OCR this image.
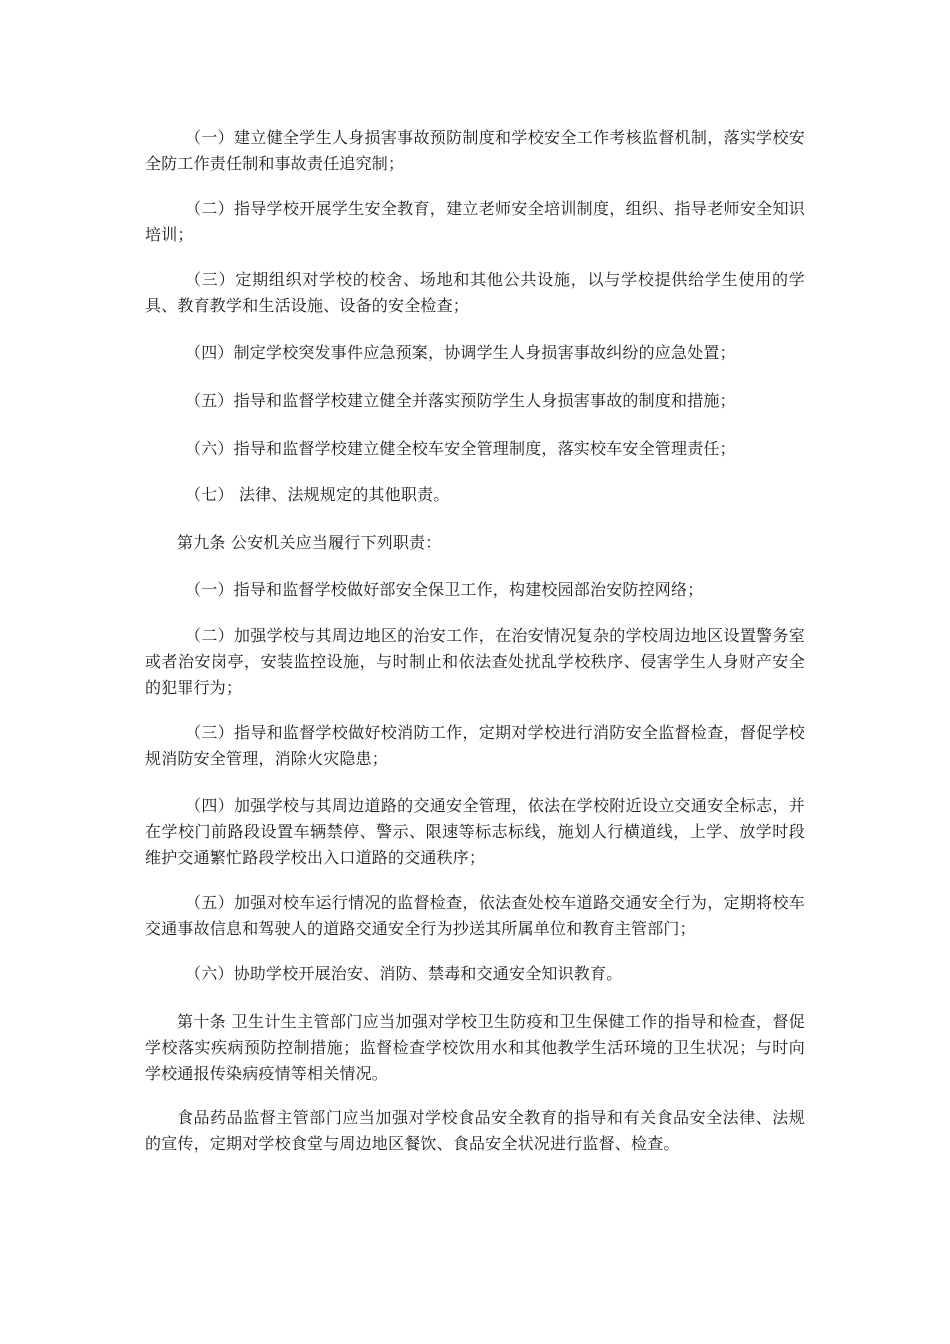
（一）建立健全学生人身损害事故预防制度和学校安全工作考核监督机制，落实学校安全防工作责任制和事故责任追究制；

（二）指导学校开展学生安全教育，建立老师安全培训制度，组织、指导老师安全知识培训；

（三）定期组织对学校的校舍、场地和其他公共设施，以与学校提供给学生使用的学具、教育教学和生活设施、设备的安全检查；

（四）制定学校突发事件应急预案，协调学生人身损害事故纠纷的应急处置；

（五）指导和监督学校建立健全并落实预防学生人身损害事故的制度和措施；

（六）指导和监督学校建立健全校车安全管理制度，落实校车安全管理责任；

（七） 法律、法规规定的其他职责。

第九条 公安机关应当履行下列职责：

（一）指导和监督学校做好部安全保卫工作，构建校园部治安防控网络；

（二）加强学校与其周边地区的治安工作，在治安情况复杂的学校周边地区设置警务室或者治安岗亭，安装监控设施，与时制止和依法查处扰乱学校秩序、侵害学生人身财产安全的犯罪行为；

（三）指导和监督学校做好校消防工作，定期对学校进行消防安全监督检查，督促学校规消防安全管理，消除火灾隐患；

（四）加强学校与其周边道路的交通安全管理，依法在学校附近设立交通安全标志，并在学校门前路段设置车辆禁停、警示、限速等标志标线，施划人行横道线，上学、放学时段维护交通繁忙路段学校出入口道路的交通秩序；

（五）加强对校车运行情况的监督检查，依法查处校车道路交通安全行为，定期将校车交通事故信息和驾驶人的道路交通安全行为抄送其所属单位和教育主管部门；

（六）协助学校开展治安、消防、禁毒和交通安全知识教育。

第十条 卫生计生主管部门应当加强对学校卫生防疫和卫生保健工作的指导和检查，督促学校落实疾病预防控制措施；监督检查学校饮用水和其他教学生活环境的卫生状况；与时向学校通报传染病疫情等相关情况。

食品药品监督主管部门应当加强对学校食品安全教育的指导和有关食品安全法律、法规的宣传，定期对学校食堂与周边地区餐饮、食品安全状况进行监督、检查。
